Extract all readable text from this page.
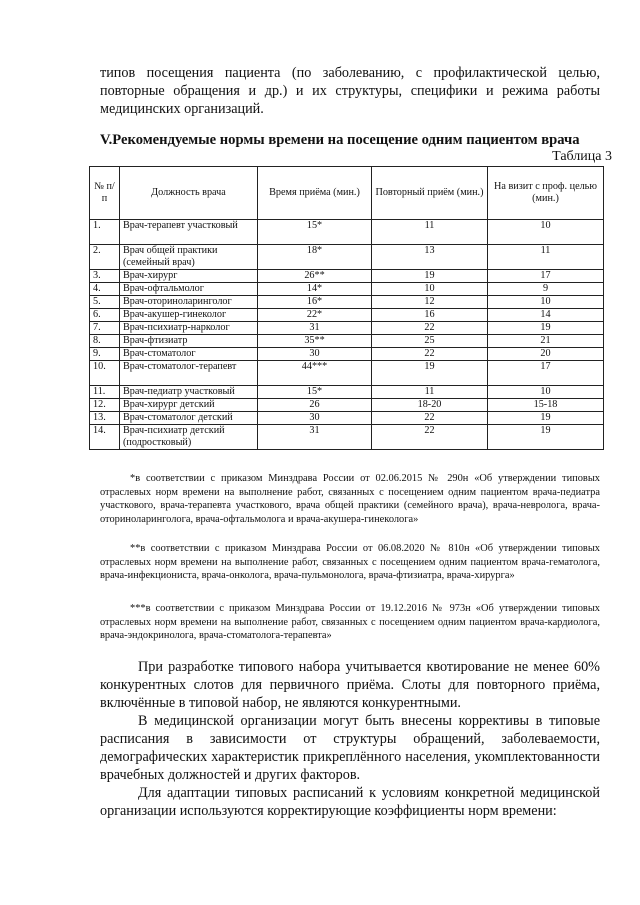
типов посещения пациента (по заболеванию, с профилактической целью, повторные обращения и др.) и их структуры, специфики и режима работы медицинских организаций.
V.Рекомендуемые нормы времени на посещение одним пациентом врача
Таблица 3
№ п/п	Должность врача	Время приёма (мин.)	Повторный приём (мин.)	На визит с проф. целью (мин.)
1.	Врач-терапевт участковый	15*	11	10
2.	Врач общей практики (семейный врач)	18*	13	11
3.	Врач-хирург	26**	19	17
4.	Врач-офтальмолог	14*	10	9
5.	Врач-оториноларинголог	16*	12	10
6.	Врач-акушер-гинеколог	22*	16	14
7.	Врач-психиатр-нарколог	31	22	19
8.	Врач-фтизиатр	35**	25	21
9.	Врач-стоматолог	30	22	20
10.	Врач-стоматолог-терапевт	44***	19	17
11.	Врач-педиатр участковый	15*	11	10
12.	Врач-хирург детский	26	18-20	15-18
13.	Врач-стоматолог детский	30	22	19
14.	Врач-психиатр детский (подростковый)	31	22	19
*в соответствии с приказом Минздрава России от 02.06.2015 № 290н «Об утверждении типовых отраслевых норм времени на выполнение работ, связанных с посещением одним пациентом врача-педиатра участкового, врача-терапевта участкового, врача общей практики (семейного врача), врача-невролога, врача-оториноларинголога, врача-офтальмолога и врача-акушера-гинеколога»
**в соответствии с приказом Минздрава России от 06.08.2020 № 810н «Об утверждении типовых отраслевых норм времени на выполнение работ, связанных с посещением одним пациентом врача-гематолога, врача-инфекциониста, врача-онколога, врача-пульмонолога, врача-фтизиатра, врача-хирурга»
***в соответствии с приказом Минздрава России от 19.12.2016 № 973н «Об утверждении типовых отраслевых норм времени на выполнение работ, связанных с посещением одним пациентом врача-кардиолога, врача-эндокринолога, врача-стоматолога-терапевта»
При разработке типового набора учитывается квотирование не менее 60% конкурентных слотов для первичного приёма. Слоты для повторного приёма, включённые в типовой набор, не являются конкурентными.
В медицинской организации могут быть внесены коррективы в типовые расписания в зависимости от структуры обращений, заболеваемости, демографических характеристик прикреплённого населения, укомплектованности врачебных должностей и других факторов.
Для адаптации типовых расписаний к условиям конкретной медицинской организации используются корректирующие коэффициенты норм времени:
